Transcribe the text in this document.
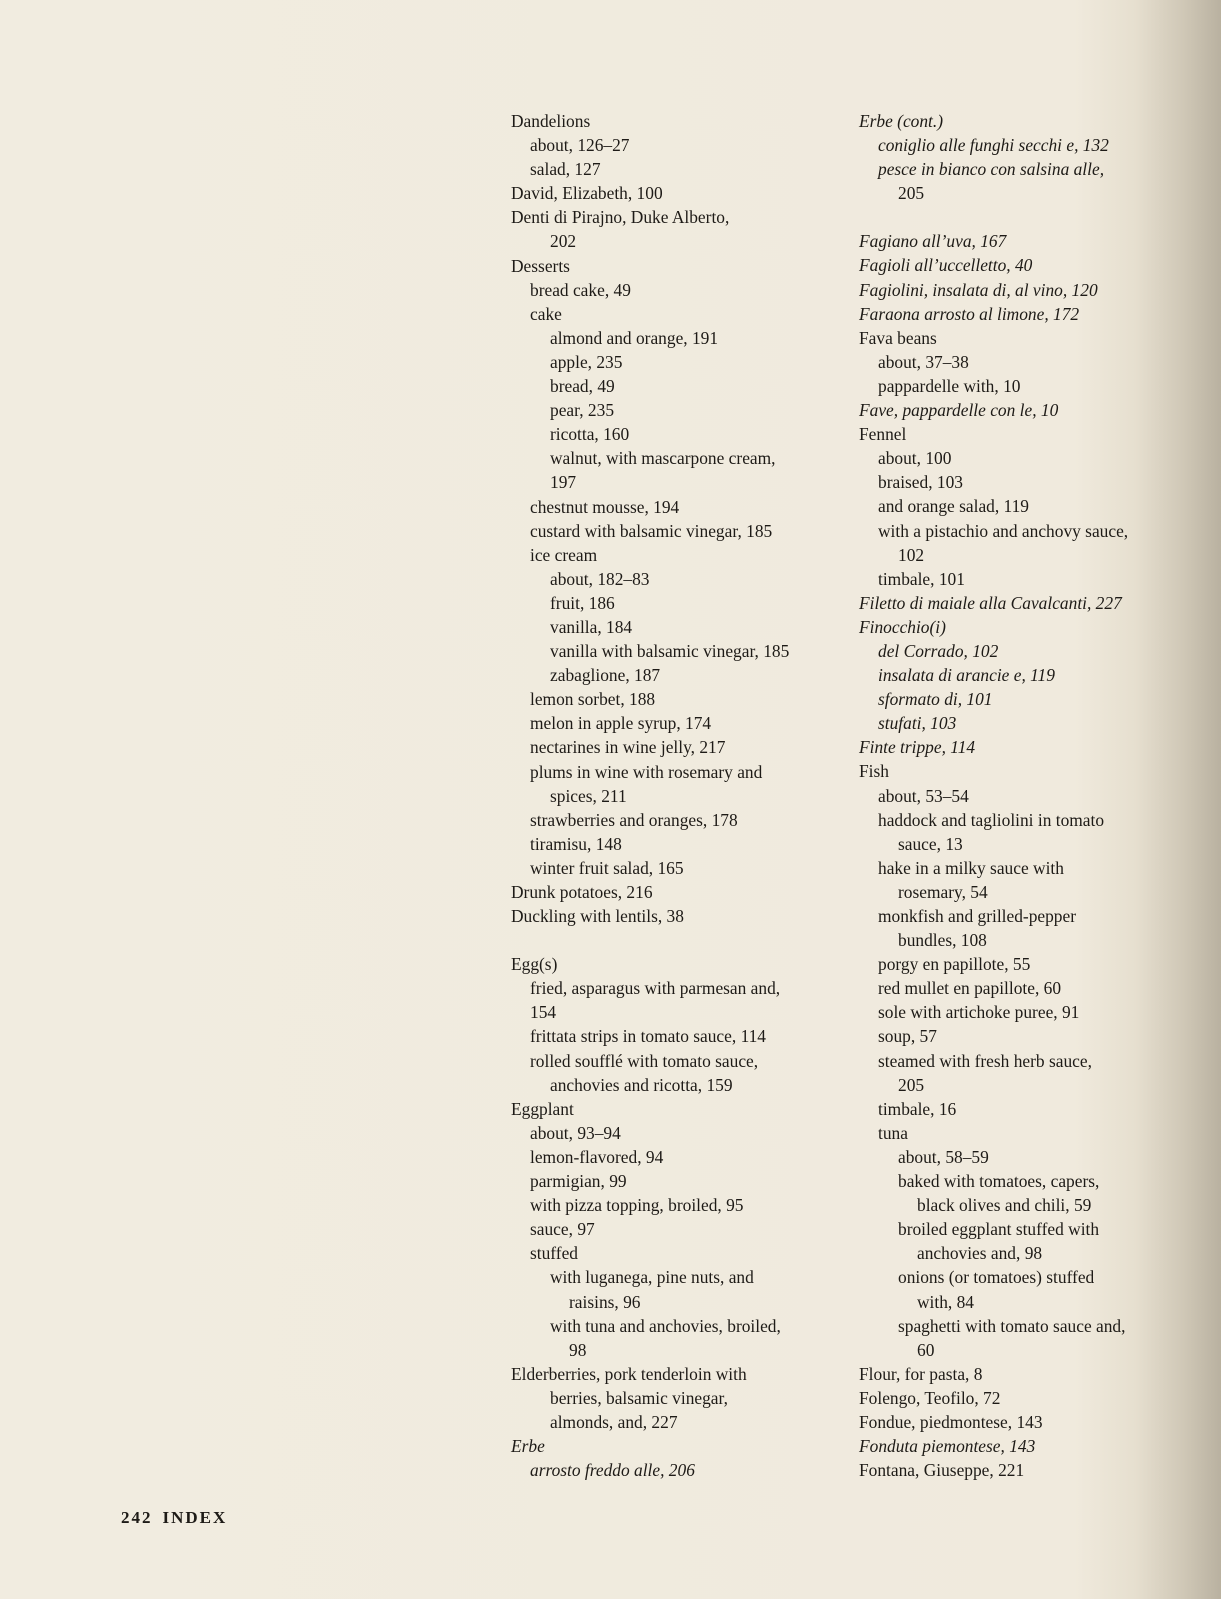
Dandelions
about, 126–27
salad, 127
David, Elizabeth, 100
Denti di Pirajno, Duke Alberto,
202
Desserts
bread cake, 49
cake
almond and orange, 191
apple, 235
bread, 49
pear, 235
ricotta, 160
walnut, with mascarpone cream,
197
chestnut mousse, 194
custard with balsamic vinegar, 185
ice cream
about, 182–83
fruit, 186
vanilla, 184
vanilla with balsamic vinegar, 185
zabaglione, 187
lemon sorbet, 188
melon in apple syrup, 174
nectarines in wine jelly, 217
plums in wine with rosemary and
spices, 211
strawberries and oranges, 178
tiramisu, 148
winter fruit salad, 165
Drunk potatoes, 216
Duckling with lentils, 38
Egg(s)
fried, asparagus with parmesan and,
154
frittata strips in tomato sauce, 114
rolled soufflé with tomato sauce,
anchovies and ricotta, 159
Eggplant
about, 93–94
lemon-flavored, 94
parmigian, 99
with pizza topping, broiled, 95
sauce, 97
stuffed
with luganega, pine nuts, and
raisins, 96
with tuna and anchovies, broiled,
98
Elderberries, pork tenderloin with
berries, balsamic vinegar,
almonds, and, 227
Erbe
arrosto freddo alle, 206
Erbe (cont.)
coniglio alle funghi secchi e, 132
pesce in bianco con salsina alle,
205
Fagiano all’uva, 167
Fagioli all’uccelletto, 40
Fagiolini, insalata di, al vino, 120
Faraona arrosto al limone, 172
Fava beans
about, 37–38
pappardelle with, 10
Fave, pappardelle con le, 10
Fennel
about, 100
braised, 103
and orange salad, 119
with a pistachio and anchovy sauce,
102
timbale, 101
Filetto di maiale alla Cavalcanti, 227
Finocchio(i)
del Corrado, 102
insalata di arancie e, 119
sformato di, 101
stufati, 103
Finte trippe, 114
Fish
about, 53–54
haddock and tagliolini in tomato
sauce, 13
hake in a milky sauce with
rosemary, 54
monkfish and grilled-pepper
bundles, 108
porgy en papillote, 55
red mullet en papillote, 60
sole with artichoke puree, 91
soup, 57
steamed with fresh herb sauce,
205
timbale, 16
tuna
about, 58–59
baked with tomatoes, capers,
black olives and chili, 59
broiled eggplant stuffed with
anchovies and, 98
onions (or tomatoes) stuffed
with, 84
spaghetti with tomato sauce and,
60
Flour, for pasta, 8
Folengo, Teofilo, 72
Fondue, piedmontese, 143
Fonduta piemontese, 143
Fontana, Giuseppe, 221
242 INDEX
